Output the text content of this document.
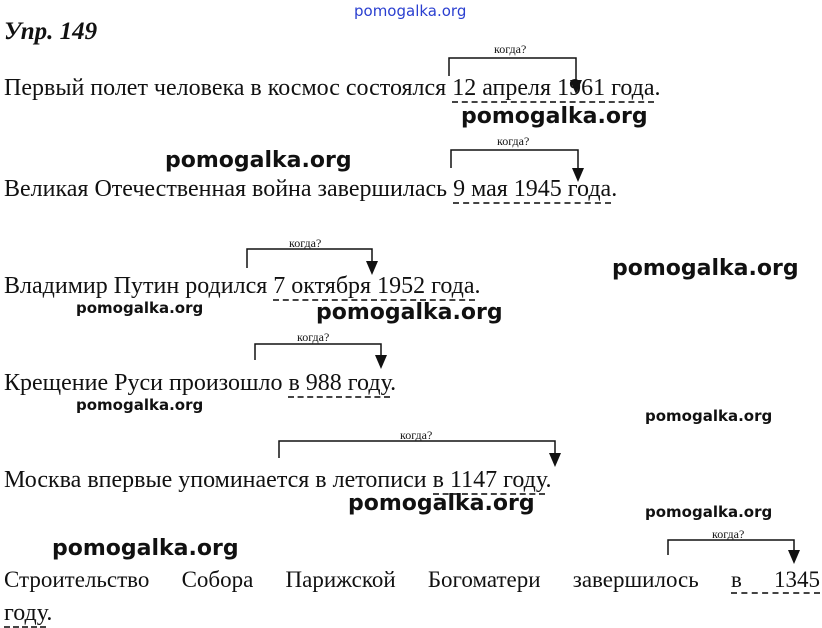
pomogalka.org
Упр. 149
когда?
Первый полет человека в космос состоялся 12 апреля 1961 года.
pomogalka.org
pomogalka.org
когда?
Великая Отечественная война завершилась 9 мая 1945 года.
когда?
Владимир Путин родился 7 октября 1952 года.
pomogalka.org
pomogalka.org	pomogalka.org
когда?
Крещение Руси произошло в 988 году.
pomogalka.org
pomogalka.org
когда?
Москва впервые упоминается в летописи в 1147 году.
pomogalka.org	pomogalka.org
когда?
pomogalka.org
Строительство Собора Парижской Богоматери завершилось в 1345
году.
